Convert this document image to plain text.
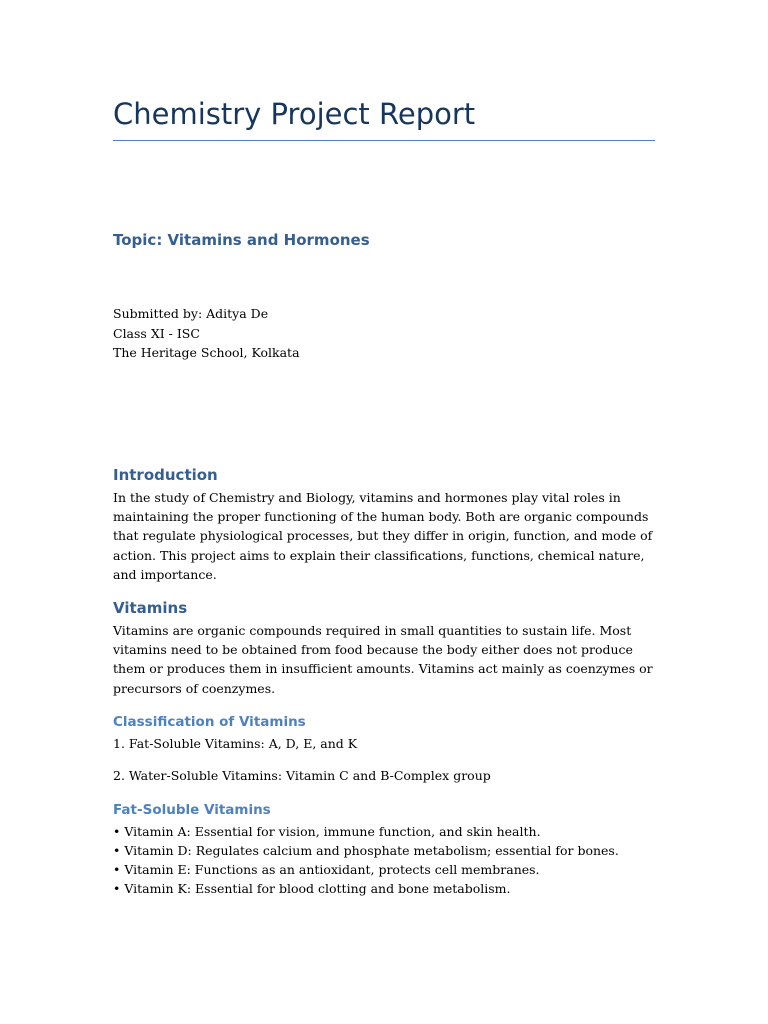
Chemistry Project Report
Topic: Vitamins and Hormones
Submitted by: Aditya De
Class XI - ISC
The Heritage School, Kolkata
Introduction

In the study of Chemistry and Biology, vitamins and hormones play vital roles in maintaining the proper functioning of the human body. Both are organic compounds that regulate physiological processes, but they differ in origin, function, and mode of action. This project aims to explain their classifications, functions, chemical nature, and importance.

Vitamins

Vitamins are organic compounds required in small quantities to sustain life. Most vitamins need to be obtained from food because the body either does not produce them or produces them in insufficient amounts. Vitamins act mainly as coenzymes or precursors of coenzymes.

Classification of Vitamins

1. Fat-Soluble Vitamins: A, D, E, and K

2. Water-Soluble Vitamins: Vitamin C and B-Complex group

Fat-Soluble Vitamins

• Vitamin A: Essential for vision, immune function, and skin health.

• Vitamin D: Regulates calcium and phosphate metabolism; essential for bones.

• Vitamin E: Functions as an antioxidant, protects cell membranes.

• Vitamin K: Essential for blood clotting and bone metabolism.
